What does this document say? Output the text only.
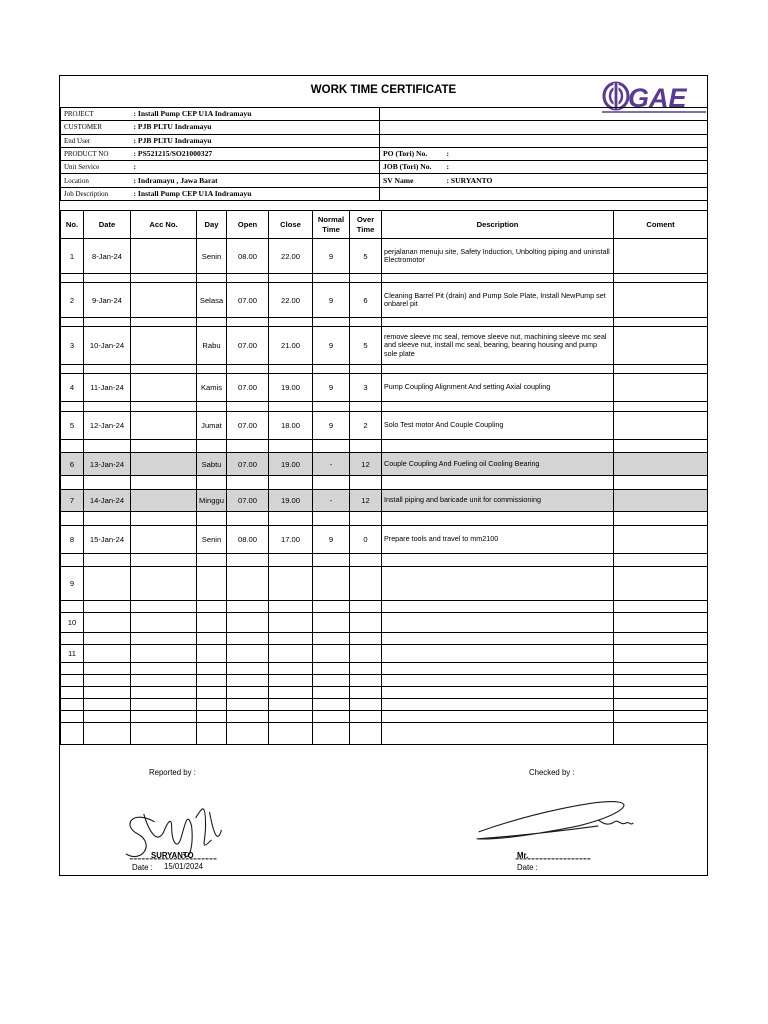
WORK TIME CERTIFICATE	GAE
PROJECT	: Install Pump CEP U1A Indramayu		
CUSTOMER	: PJB PLTU Indramayu		
End User	: PJB PLTU Indramayu		
PRODUCT NO	: PS521215/SO21000327	PO (Tori) No.	:
Unit Service	:	JOB (Tori) No.	:
Location	: Indramayu , Jawa Barat	SV Name	: SURYANTO
Job Description	: Install Pump CEP U1A Indramayu		
No.	Date	Acc No.	Day	Open	Close	Normal Time	Over Time	Description	Coment
1	8-Jan-24		Senin	08.00	22.00	9	5	perjalanan menuju site, Safety Induction, Unbolting piping and uninstall Electromotor	

2	9-Jan-24		Selasa	07.00	22.00	9	6	Cleaning Barrel Pit (drain) and Pump Sole Plate, Install NewPump set onbarel pit	

3	10-Jan-24		Rabu	07.00	21.00	9	5	remove sleeve mc seal, remove sleeve nut, machining sleeve mc seal and sleeve nut, install mc seal, bearing, bearing housing and pump sole plate	

4	11-Jan-24		Kamis	07.00	19.00	9	3	Pump Coupling Alignment And setting Axial coupling	

5	12-Jan-24		Jumat	07.00	18.00	9	2	Solo Test motor And Couple Coupling	

6	13-Jan-24		Sabtu	07.00	19.00	-	12	Couple Coupling And Fueling oil Cooling Bearing	

7	14-Jan-24		Minggu	07.00	19.00	-	12	Install piping and baricade unit for commissioning	

8	15-Jan-24		Senin	08.00	17.00	9	0	Prepare tools and travel to mm2100	

9									

10									

11									

Reported by :	Checked by :
SURYANTO	Mr.
Date : 15/01/2024	Date :
